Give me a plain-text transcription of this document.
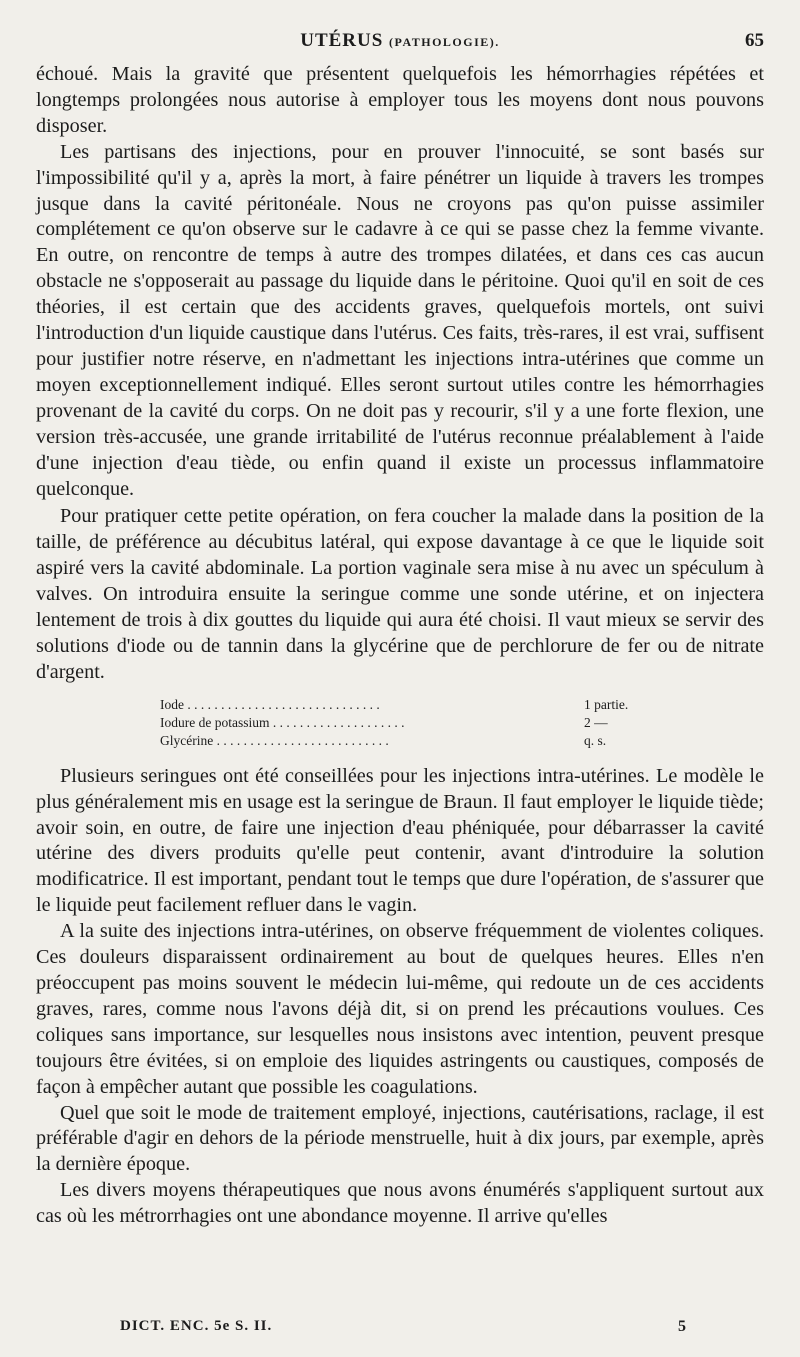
UTÉRUS (PATHOLOGIE).	65

échoué. Mais la gravité que présentent quelquefois les hémorrhagies répétées et longtemps prolongées nous autorise à employer tous les moyens dont nous pouvons disposer.

Les partisans des injections, pour en prouver l'innocuité, se sont basés sur l'impossibilité qu'il y a, après la mort, à faire pénétrer un liquide à travers les trompes jusque dans la cavité péritonéale. Nous ne croyons pas qu'on puisse assimiler complétement ce qu'on observe sur le cadavre à ce qui se passe chez la femme vivante. En outre, on rencontre de temps à autre des trompes dilatées, et dans ces cas aucun obstacle ne s'opposerait au passage du liquide dans le péritoine. Quoi qu'il en soit de ces théories, il est certain que des accidents graves, quelquefois mortels, ont suivi l'introduction d'un liquide caustique dans l'utérus. Ces faits, très-rares, il est vrai, suffisent pour justifier notre réserve, en n'admettant les injections intra-utérines que comme un moyen exceptionnellement indiqué. Elles seront surtout utiles contre les hémorrhagies provenant de la cavité du corps. On ne doit pas y recourir, s'il y a une forte flexion, une version très-accusée, une grande irritabilité de l'utérus reconnue préalablement à l'aide d'une injection d'eau tiède, ou enfin quand il existe un processus inflammatoire quelconque.

Pour pratiquer cette petite opération, on fera coucher la malade dans la position de la taille, de préférence au décubitus latéral, qui expose davantage à ce que le liquide soit aspiré vers la cavité abdominale. La portion vaginale sera mise à nu avec un spéculum à valves. On introduira ensuite la seringue comme une sonde utérine, et on injectera lentement de trois à dix gouttes du liquide qui aura été choisi. Il vaut mieux se servir des solutions d'iode ou de tannin dans la glycérine que de perchlorure de fer ou de nitrate d'argent.

Iode . . . . . . . . . . . . . . . . . . . . . . . . . . . . .	1 partie.
Iodure de potassium . . . . . . . . . . . . . . . . . . . .	2 —
Glycérine . . . . . . . . . . . . . . . . . . . . . . . . . .	q. s.

Plusieurs seringues ont été conseillées pour les injections intra-utérines. Le modèle le plus généralement mis en usage est la seringue de Braun. Il faut employer le liquide tiède; avoir soin, en outre, de faire une injection d'eau phéniquée, pour débarrasser la cavité utérine des divers produits qu'elle peut contenir, avant d'introduire la solution modificatrice. Il est important, pendant tout le temps que dure l'opération, de s'assurer que le liquide peut facilement refluer dans le vagin.

A la suite des injections intra-utérines, on observe fréquemment de violentes coliques. Ces douleurs disparaissent ordinairement au bout de quelques heures. Elles n'en préoccupent pas moins souvent le médecin lui-même, qui redoute un de ces accidents graves, rares, comme nous l'avons déjà dit, si on prend les précautions voulues. Ces coliques sans importance, sur lesquelles nous insistons avec intention, peuvent presque toujours être évitées, si on emploie des liquides astringents ou caustiques, composés de façon à empêcher autant que possible les coagulations.

Quel que soit le mode de traitement employé, injections, cautérisations, raclage, il est préférable d'agir en dehors de la période menstruelle, huit à dix jours, par exemple, après la dernière époque.

Les divers moyens thérapeutiques que nous avons énumérés s'appliquent surtout aux cas où les métrorrhagies ont une abondance moyenne. Il arrive qu'elles

DICT. ENC. 5e S. II.	5
